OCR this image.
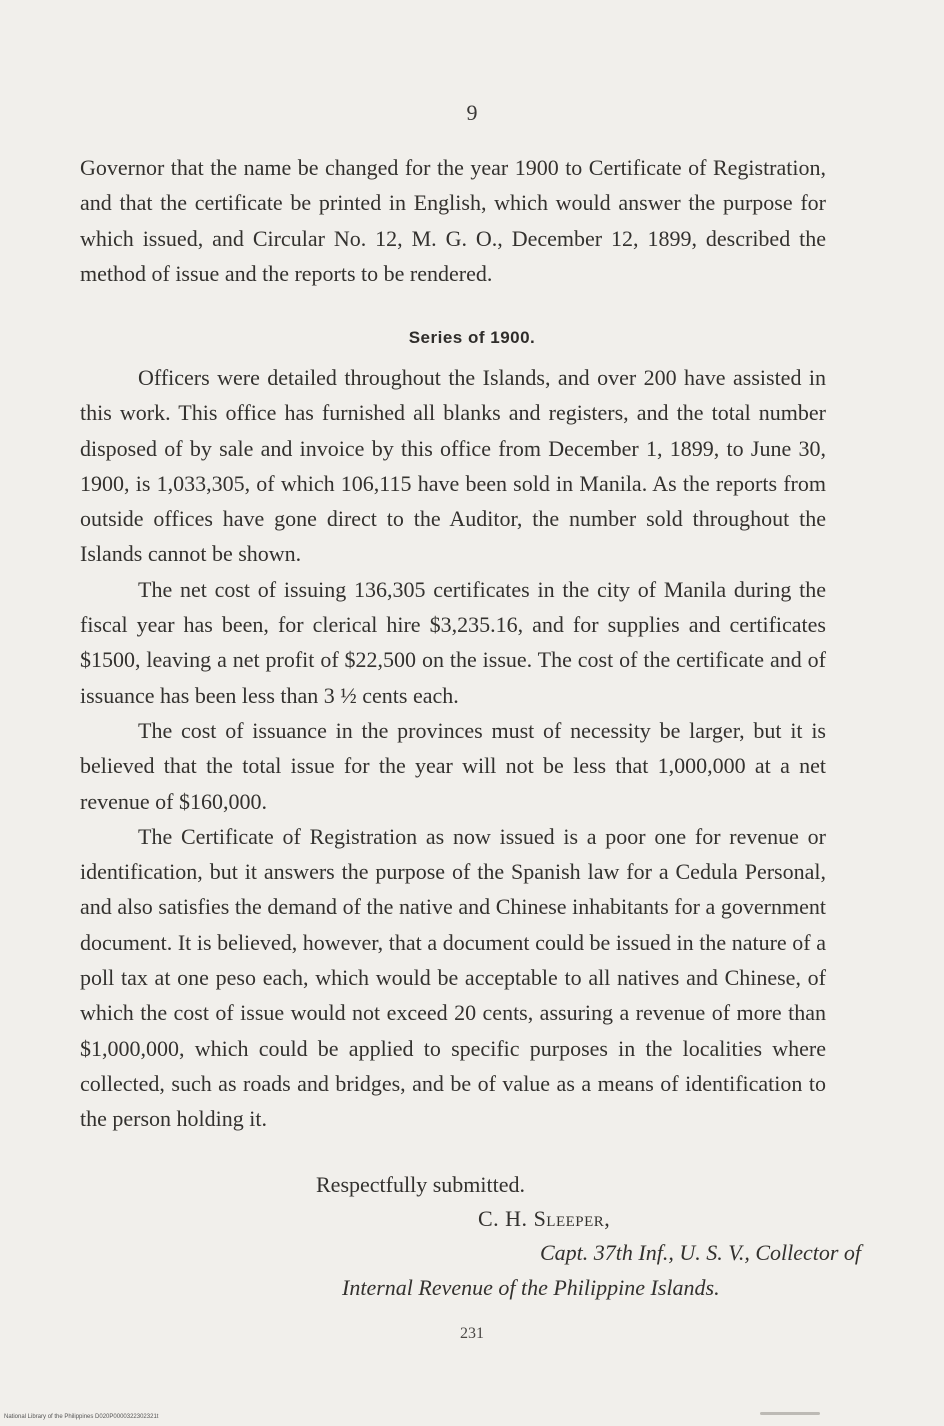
9

Governor that the name be changed for the year 1900 to Certificate of Registration, and that the certificate be printed in English, which would answer the purpose for which issued, and Circular No. 12, M. G. O., December 12, 1899, described the method of issue and the reports to be rendered.

Series of 1900.

Officers were detailed throughout the Islands, and over 200 have assisted in this work. This office has furnished all blanks and registers, and the total number disposed of by sale and invoice by this office from December 1, 1899, to June 30, 1900, is 1,033,305, of which 106,115 have been sold in Manila. As the reports from outside offices have gone direct to the Auditor, the number sold throughout the Islands cannot be shown.

The net cost of issuing 136,305 certificates in the city of Manila during the fiscal year has been, for clerical hire $3,235.16, and for supplies and certificates $1500, leaving a net profit of $22,500 on the issue. The cost of the certificate and of issuance has been less than 3 ½ cents each.

The cost of issuance in the provinces must of necessity be larger, but it is believed that the total issue for the year will not be less that 1,000,000 at a net revenue of $160,000.

The Certificate of Registration as now issued is a poor one for revenue or identification, but it answers the purpose of the Spanish law for a Cedula Personal, and also satisfies the demand of the native and Chinese inhabitants for a government document. It is believed, however, that a document could be issued in the nature of a poll tax at one peso each, which would be acceptable to all natives and Chinese, of which the cost of issue would not exceed 20 cents, assuring a revenue of more than $1,000,000, which could be applied to specific purposes in the localities where collected, such as roads and bridges, and be of value as a means of identification to the person holding it.

Respectfully submitted.
C. H. Sleeper,
Capt. 37th Inf., U. S. V., Collector of
Internal Revenue of the Philippine Islands.
231
National Library of the Philippines D020P0000322302321t
